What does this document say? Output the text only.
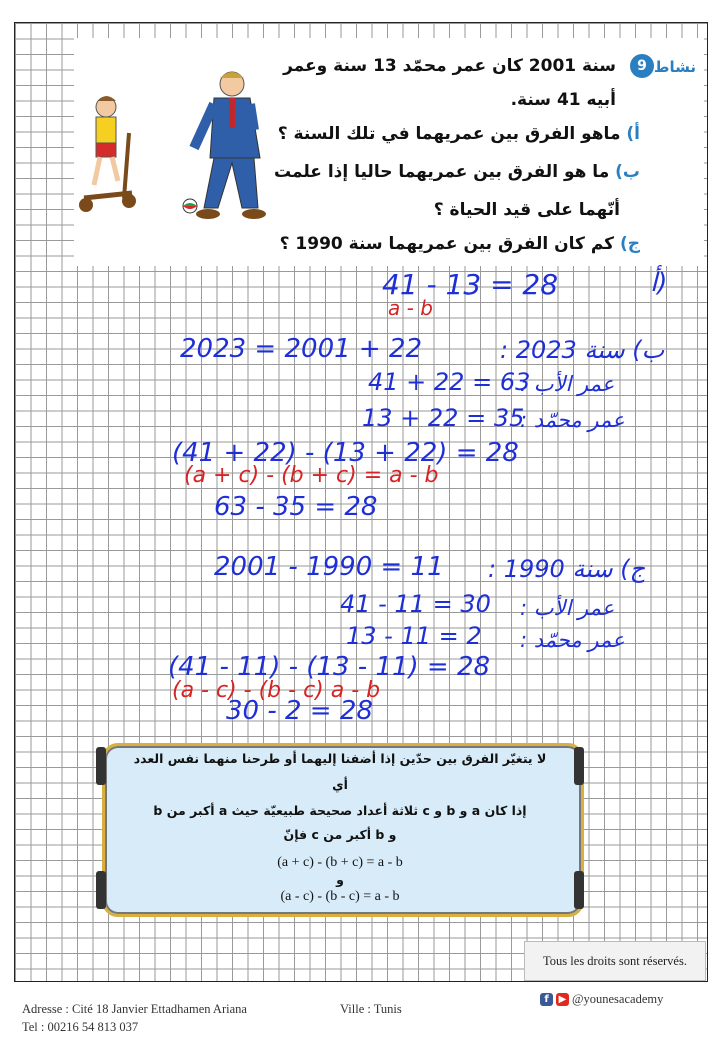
نشاط
9
سنة 2001 كان عمر محمّد 13 سنة وعمر
أبيه 41 سنة.
أ) ماهو الفرق بين عمريهما في تلك السنة ؟
ب) ما هو الفرق بين عمريهما حاليا إذا علمت
أنّهما على قيد الحياة ؟
ج) كم كان الفرق بين عمريهما سنة 1990 ؟
أ)
41 - 13 = 28
a - b
ب) سنة 2023 :
2023 = 2001 + 22
عمر الأب :
41 + 22 = 63
عمر محمّد :
13 + 22 = 35
(41 + 22) - (13 + 22) = 28
(a + c) - (b + c) = a - b
63 - 35 = 28
ج) سنة 1990 :
2001 - 1990 = 11
عمر الأب :
41 - 11 = 30
عمر محمّد :
13 - 11 = 2
(41 - 11) - (13 - 11) = 28
(a - c) - (b - c) a - b
30 - 2 = 28
لا يتغيّر الفرق بين حدّين إذا أضفنا إليهما أو طرحنا منهما نفس العدد
أي
إذا كان a و b و c ثلاثة أعداد صحيحة طبيعيّة حيث a أكبر من b
و b أكبر من c فإنّ
(a + c) - (b + c) = a - b
و
(a - c) - (b - c) = a - b
Tous les droits sont réservés.
Adresse : Cité 18 Janvier Ettadhamen Ariana	Ville : Tunis
Tel : 00216 54 813 037
f ▶ @younesacademy
